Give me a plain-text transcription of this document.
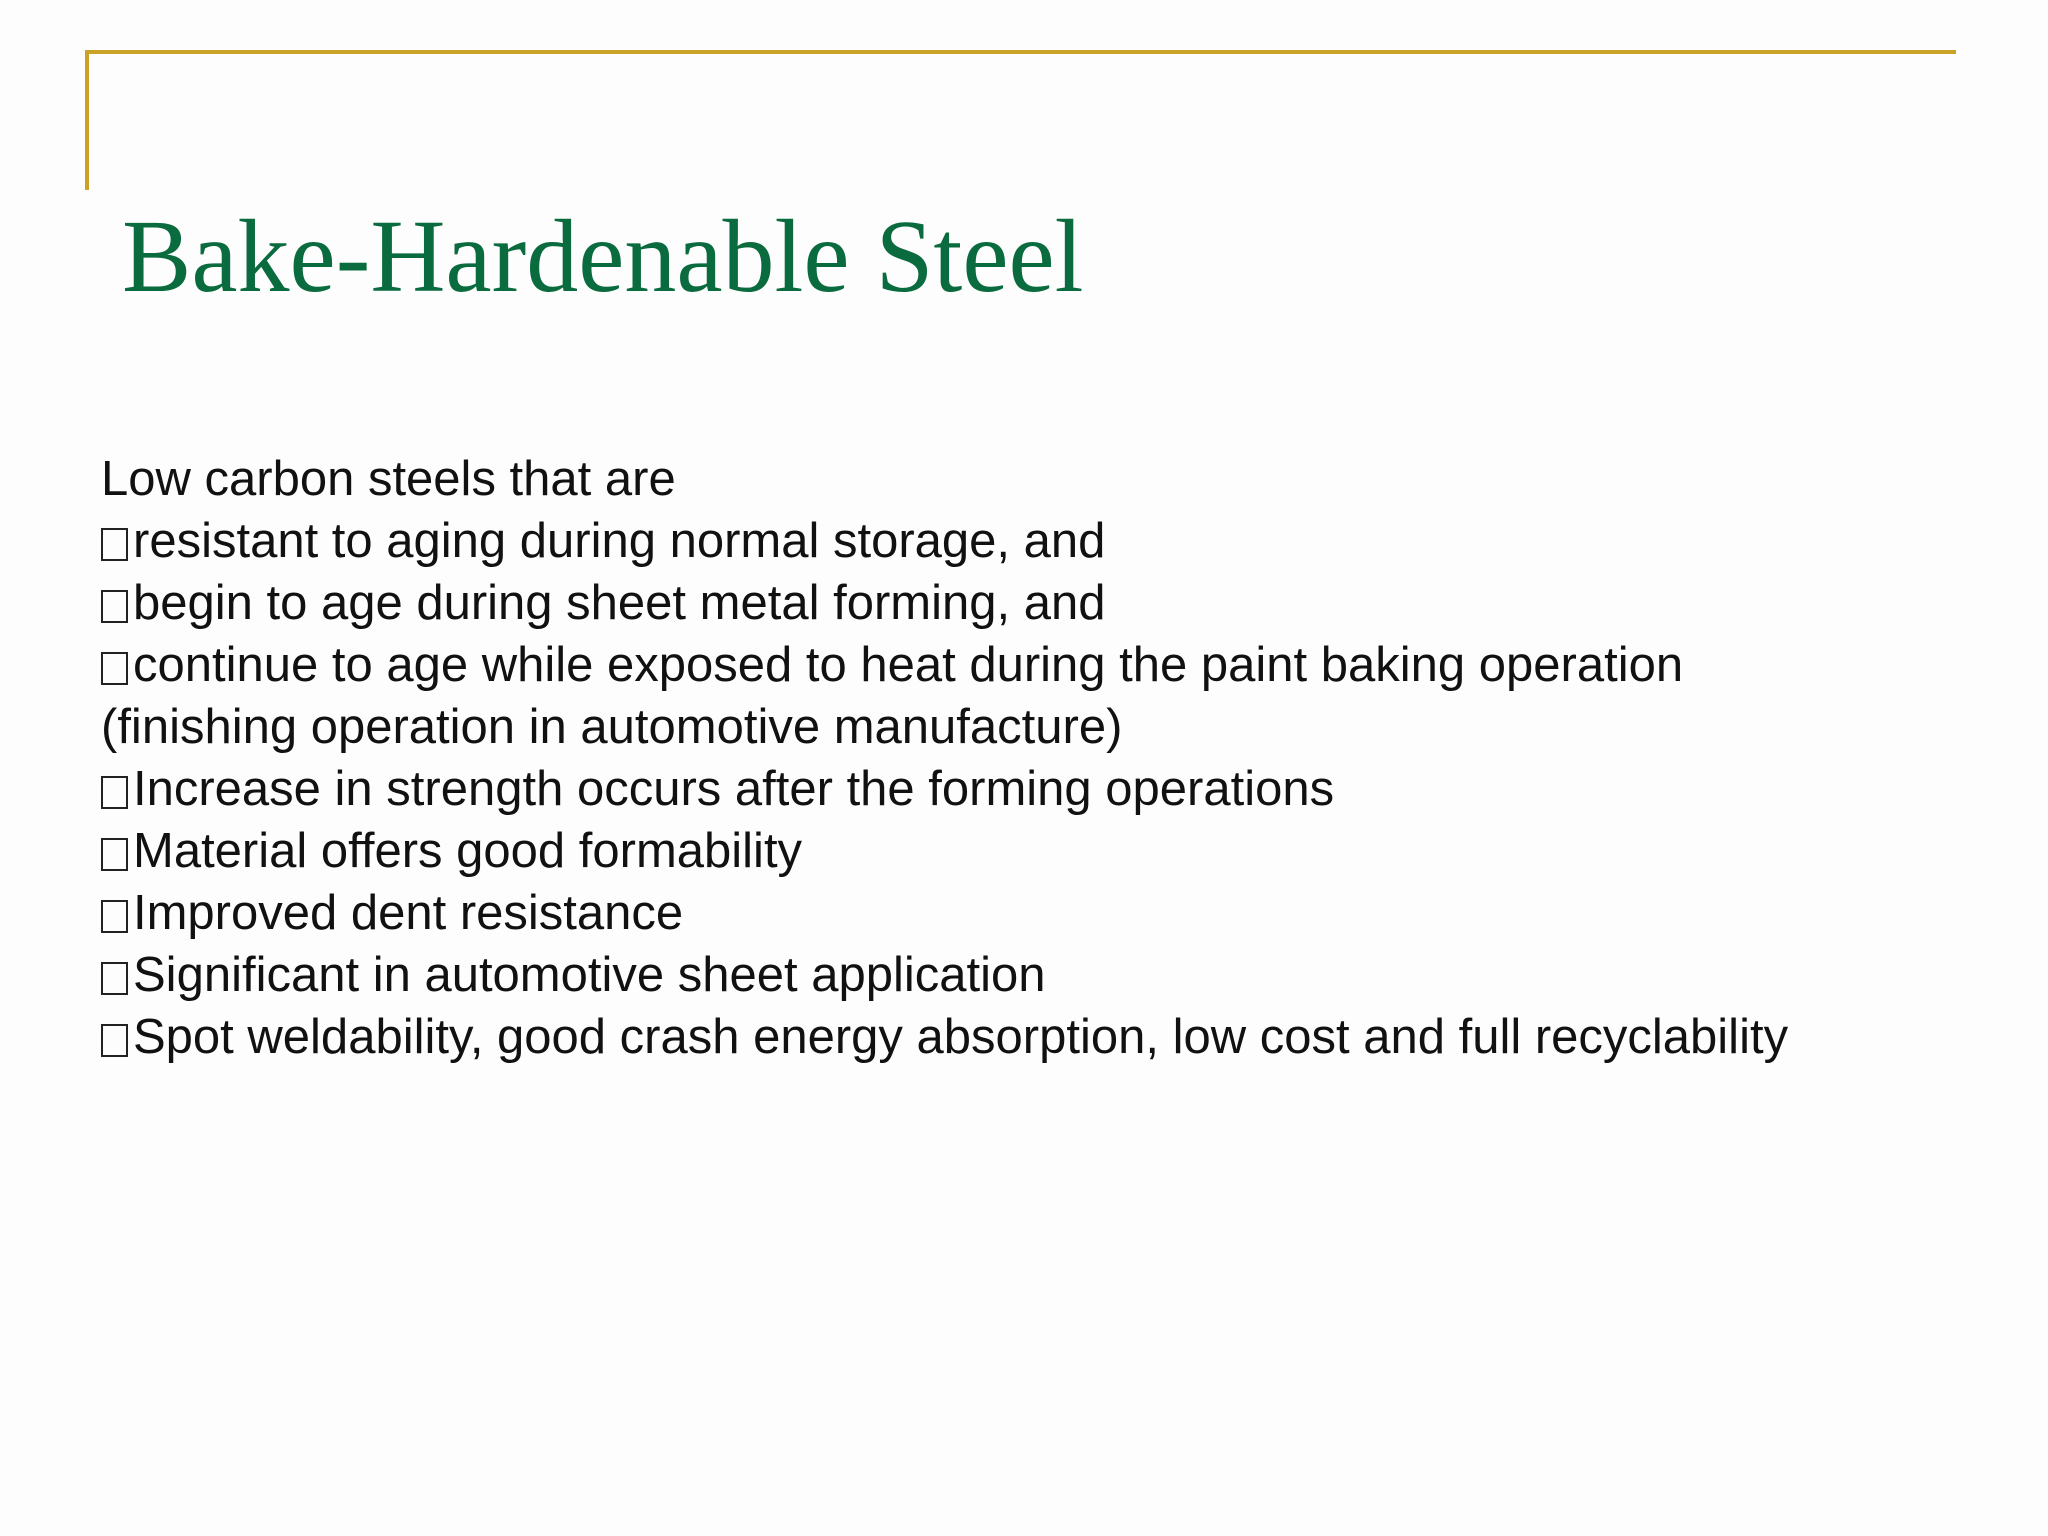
Bake-Hardenable Steel

Low carbon steels that are

resistant to aging during normal storage, and

begin to age during sheet metal forming, and

continue to age while exposed to heat during the paint baking operation

(finishing operation in automotive manufacture)

Increase in strength occurs after the forming operations

Material offers good formability

Improved dent resistance

Significant in automotive sheet application

Spot weldability, good crash energy absorption, low cost and full recyclability
